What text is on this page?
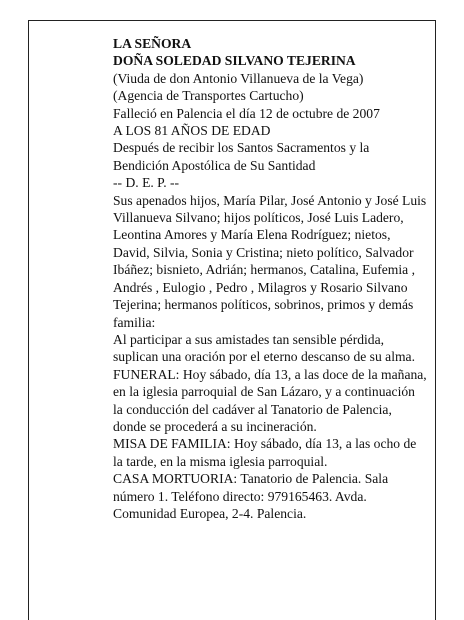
LA SEÑORA

DOÑA SOLEDAD SILVANO TEJERINA

(Viuda de don Antonio Villanueva de la Vega)

(Agencia de Transportes Cartucho)

Falleció en Palencia el día 12 de octubre de 2007

A LOS 81 AÑOS DE EDAD

Después de recibir los Santos Sacramentos y la Bendición Apostólica de Su Santidad

-- D. E. P. --

Sus apenados hijos, María Pilar, José Antonio y José Luis Villanueva Silvano; hijos políticos, José Luis Ladero, Leontina Amores y María Elena Rodríguez; nietos, David, Silvia, Sonia y Cristina; nieto político, Salvador Ibáñez; bisnieto, Adrián; hermanos, Catalina, Eufemia , Andrés , Eulogio , Pedro , Milagros y Rosario Silvano Tejerina; hermanos políticos, sobrinos, primos y demás familia:

Al participar a sus amistades tan sensible pérdida, suplican una oración por el eterno descanso de su alma.

FUNERAL: Hoy sábado, día 13, a las doce de la mañana, en la iglesia parroquial de San Lázaro, y a continuación la conducción del cadáver al Tanatorio de Palencia, donde se procederá a su incineración.

MISA DE FAMILIA: Hoy sábado, día 13, a las ocho de la tarde, en la misma iglesia parroquial.

CASA MORTUORIA: Tanatorio de Palencia. Sala número 1. Teléfono directo: 979165463. Avda. Comunidad Europea, 2-4. Palencia.
